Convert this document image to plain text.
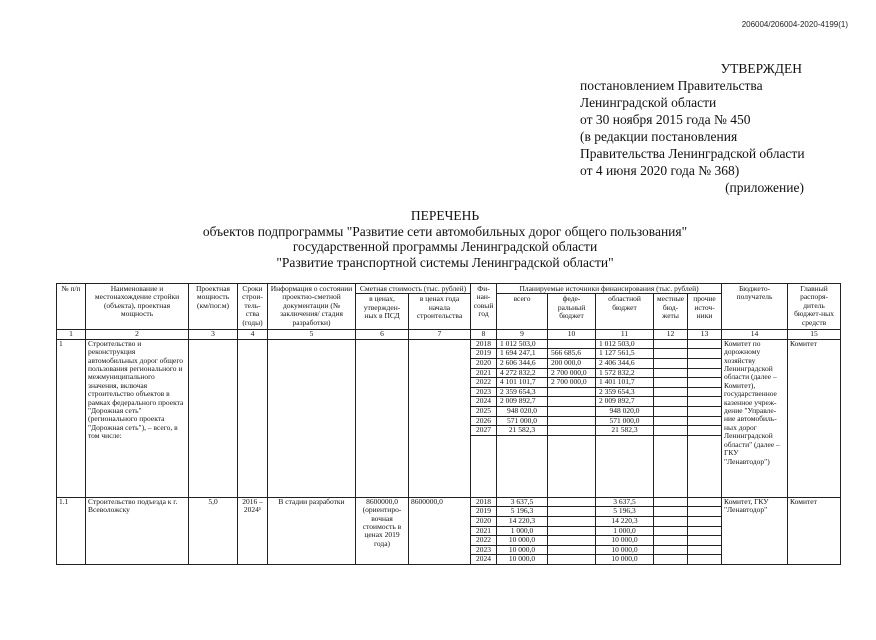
206004/206004-2020-4199(1)
УТВЕРЖДЕН
постановлением Правительства
Ленинградской области
от 30 ноября 2015 года № 450
(в редакции постановления
Правительства Ленинградской области
от 4 июня 2020 года № 368)
(приложение)
ПЕРЕЧЕНЬ
объектов подпрограммы "Развитие сети автомобильных дорог общего пользования"
государственной программы Ленинградской области
"Развитие транспортной системы Ленинградской области"
№ п/п	Наименование и местонахождение стройки (объекта), проектная мощность	Проектная мощность (км/пог.м)	Сроки строи-тель-ства (годы)	Информация о состоянии проектно-сметной документации (№ заключения/ стадия разработки)	Сметная стоимость (тыс. рублей)		Фи-нан-совый год	Планируемые источники финансирования (тыс. рублей)					Бюджето-получатель	Главный распоря-дитель бюджет-ных средств
					в ценах, утвержден-ных в ПСД	в ценах года начала строительства		всего	феде-ральный бюджет	областной бюджет	местные бюд-жеты	прочие источ-ники		
1	2	3	4	5	6	7	8	9	10	11	12	13	14	15
1	Строительство и реконструкция автомобильных дорог общего пользования регионального и межмуниципального значения, включая строительство объектов в рамках федерального проекта "Дорожная сеть" (регионального проекта "Дорожная сеть"), – всего, в том числе:						2018	1 012 503,0		1 012 503,0			Комитет по дорожному хозяйству Ленинградской области (далее – Комитет), государственное казенное учреж-дение "Управле-ние автомобиль-ных дорог Ленинградской области" (далее – ГКУ "Ленавтодор")	Комитет
							2019	1 694 247,1	566 685,6	1 127 561,5				
							2020	2 606 344,6	200 000,0	2 406 344,6				
							2021	4 272 832,2	2 700 000,0	1 572 832,2				
							2022	4 101 101,7	2 700 000,0	1 401 101,7				
							2023	2 359 654,3		2 359 654,3				
							2024	2 009 892,7		2 009 892,7				
							2025	948 020,0		948 020,0				
							2026	571 000,0		571 000,0				
							2027	21 582,3		21 582,3				

1.1	Строительство подъезда к г. Всеволожску	5,0	2016 – 2024¹	В стадии разработки	8600000,0 (ориентиро-вочная стоимость в ценах 2019 года)	8600000,0	2018	3 637,5		3 637,5			Комитет, ГКУ "Ленавтодор"	Комитет
							2019	5 196,3		5 196,3				
							2020	14 220,3		14 220,3				
							2021	1 000,0		1 000,0				
							2022	10 000,0		10 000,0				
							2023	10 000,0		10 000,0				
							2024	10 000,0		10 000,0				
